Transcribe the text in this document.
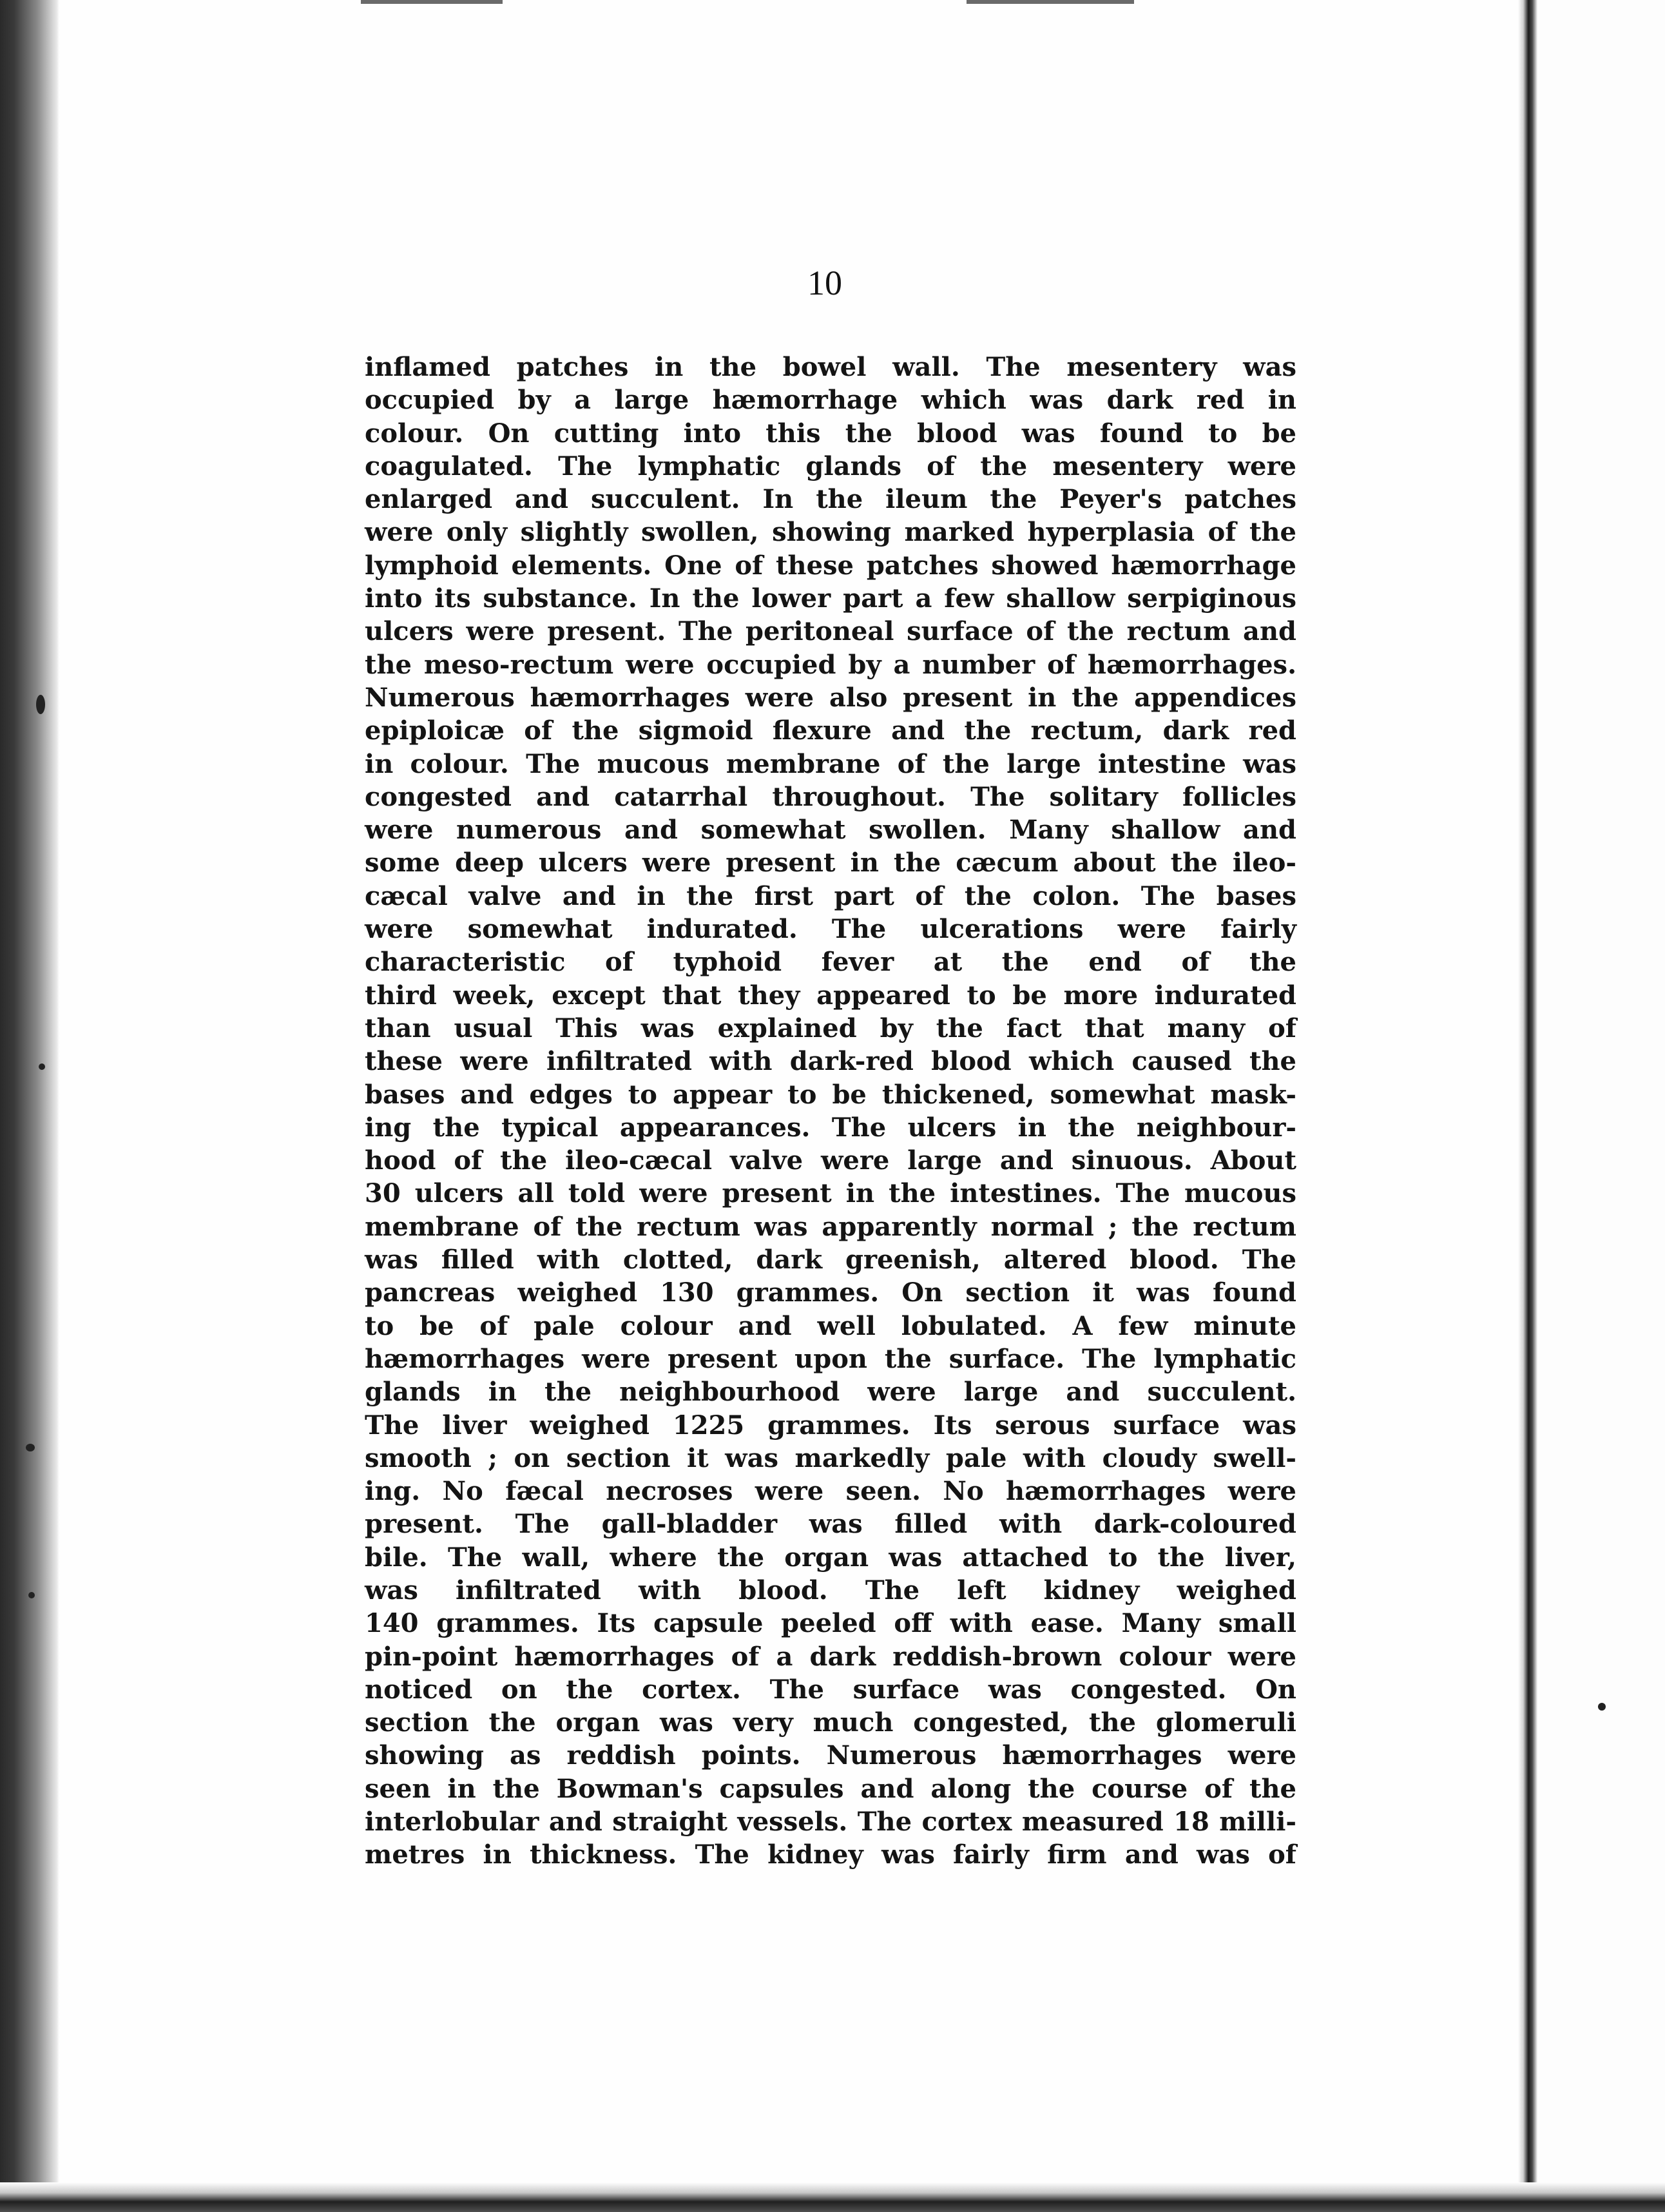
10
inflamed patches in the bowel wall. The mesentery was
occupied by a large hæmorrhage which was dark red in
colour. On cutting into this the blood was found to be
coagulated. The lymphatic glands of the mesentery were
enlarged and succulent. In the ileum the Peyer's patches
were only slightly swollen, showing marked hyperplasia of the
lymphoid elements. One of these patches showed hæmorrhage
into its substance. In the lower part a few shallow serpiginous
ulcers were present. The peritoneal surface of the rectum and
the meso-rectum were occupied by a number of hæmorrhages.
Numerous hæmorrhages were also present in the appendices
epiploicæ of the sigmoid flexure and the rectum, dark red
in colour. The mucous membrane of the large intestine was
congested and catarrhal throughout. The solitary follicles
were numerous and somewhat swollen. Many shallow and
some deep ulcers were present in the cæcum about the ileo-
cæcal valve and in the first part of the colon. The bases
were somewhat indurated. The ulcerations were fairly
characteristic of typhoid fever at the end of the
third week, except that they appeared to be more indurated
than usual This was explained by the fact that many of
these were infiltrated with dark-red blood which caused the
bases and edges to appear to be thickened, somewhat mask-
ing the typical appearances. The ulcers in the neighbour-
hood of the ileo-cæcal valve were large and sinuous. About
30 ulcers all told were present in the intestines. The mucous
membrane of the rectum was apparently normal ; the rectum
was filled with clotted, dark greenish, altered blood. The
pancreas weighed 130 grammes. On section it was found
to be of pale colour and well lobulated. A few minute
hæmorrhages were present upon the surface. The lymphatic
glands in the neighbourhood were large and succulent.
The liver weighed 1225 grammes. Its serous surface was
smooth ; on section it was markedly pale with cloudy swell-
ing. No fæcal necroses were seen. No hæmorrhages were
present. The gall-bladder was filled with dark-coloured
bile. The wall, where the organ was attached to the liver,
was infiltrated with blood. The left kidney weighed
140 grammes. Its capsule peeled off with ease. Many small
pin-point hæmorrhages of a dark reddish-brown colour were
noticed on the cortex. The surface was congested. On
section the organ was very much congested, the glomeruli
showing as reddish points. Numerous hæmorrhages were
seen in the Bowman's capsules and along the course of the
interlobular and straight vessels. The cortex measured 18 milli-
metres in thickness. The kidney was fairly firm and was of
